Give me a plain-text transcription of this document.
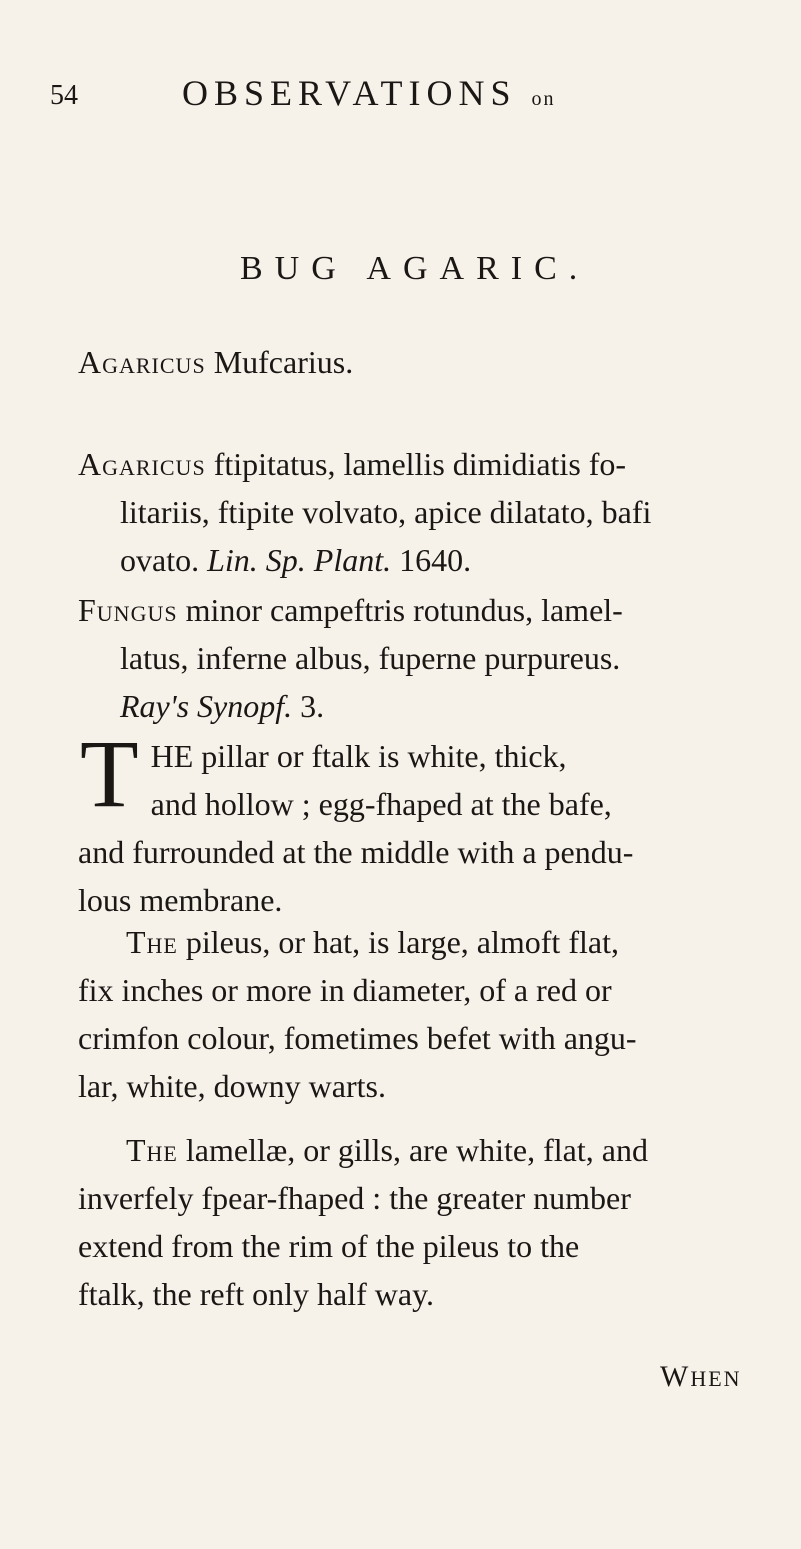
54	OBSERVATIONS on
BUG AGARIC.
Agaricus Mufcarius.
Agaricus ftipitatus, lamellis dimidiatis fo-
litariis, ftipite volvato, apice dilatato, bafi
ovato. Lin. Sp. Plant. 1640.
Fungus minor campeftris rotundus, lamel-
latus, inferne albus, fuperne purpureus.
Ray's Synopf. 3.
T HE pillar or ftalk is white, thick,
and hollow ; egg-fhaped at the bafe,
and furrounded at the middle with a pendu-
lous membrane.
The pileus, or hat, is large, almoft flat,
fix inches or more in diameter, of a red or
crimfon colour, fometimes befet with angu-
lar, white, downy warts.
The lamellæ, or gills, are white, flat, and
inverfely fpear-fhaped : the greater number
extend from the rim of the pileus to the
ftalk, the reft only half way.
WHEN
